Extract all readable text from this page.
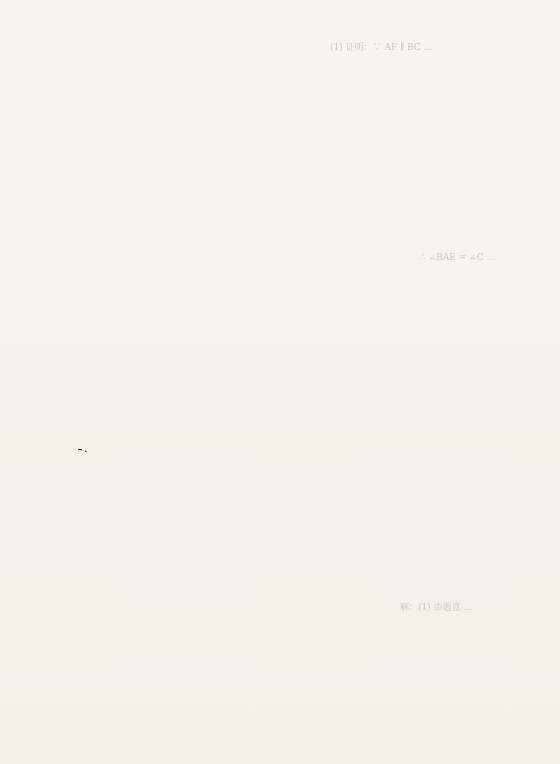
(1) 证明：∵ AF ∥ BC …
∴ ∠BAE = ∠C …
解：(1) 由题意 …
.
